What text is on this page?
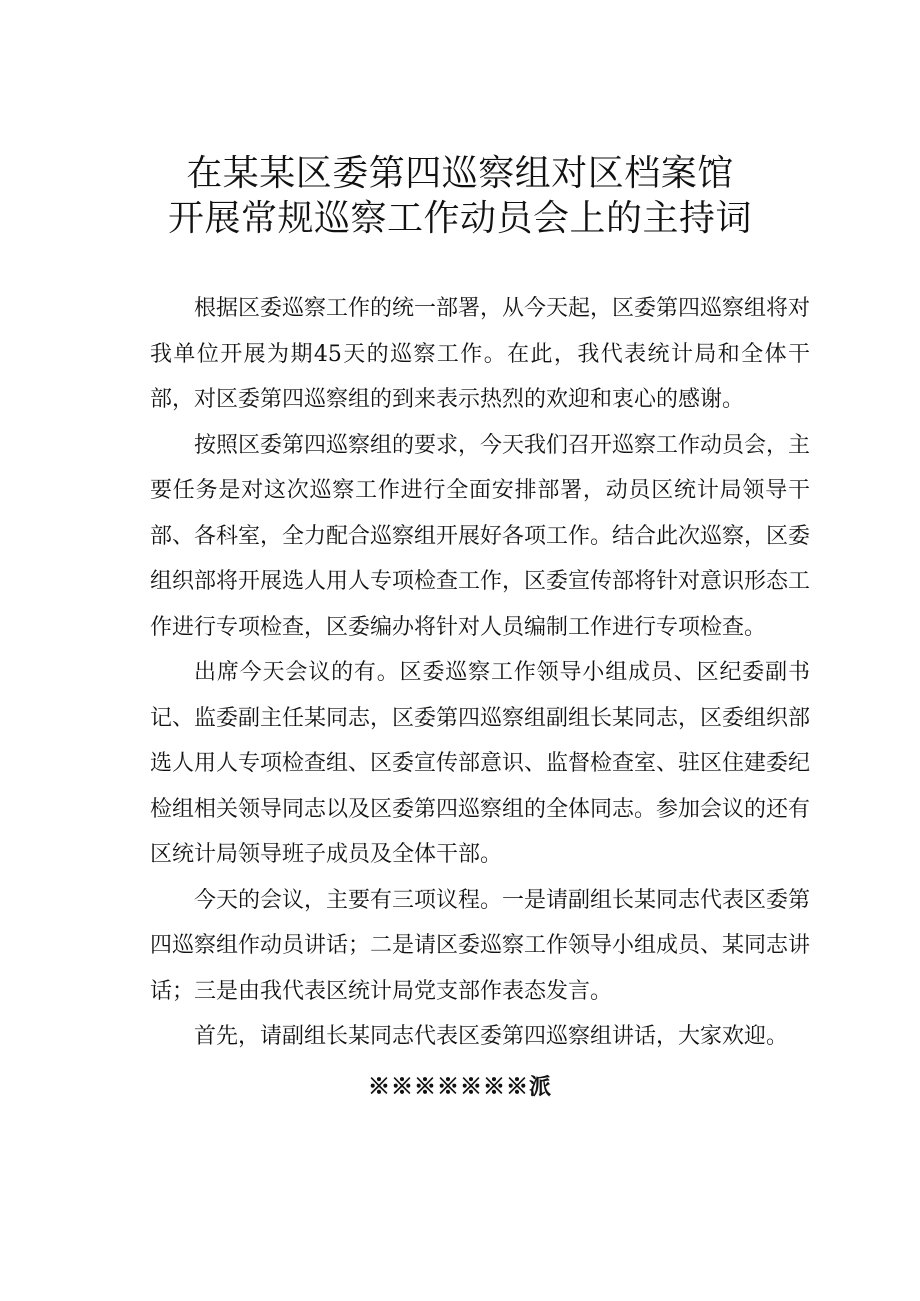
在某某区委第四巡察组对区档案馆
开展常规巡察工作动员会上的主持词

根据区委巡察工作的统一部署，从今天起，区委第四巡察组将对我单位开展为期45天的巡察工作。在此，我代表统计局和全体干部，对区委第四巡察组的到来表示热烈的欢迎和衷心的感谢。

按照区委第四巡察组的要求，今天我们召开巡察工作动员会，主要任务是对这次巡察工作进行全面安排部署，动员区统计局领导干部、各科室，全力配合巡察组开展好各项工作。结合此次巡察，区委组织部将开展选人用人专项检查工作，区委宣传部将针对意识形态工作进行专项检查，区委编办将针对人员编制工作进行专项检查。

出席今天会议的有。区委巡察工作领导小组成员、区纪委副书记、监委副主任某同志，区委第四巡察组副组长某同志，区委组织部选人用人专项检查组、区委宣传部意识、监督检查室、驻区住建委纪检组相关领导同志以及区委第四巡察组的全体同志。参加会议的还有区统计局领导班子成员及全体干部。

今天的会议，主要有三项议程。一是请副组长某同志代表区委第四巡察组作动员讲话；二是请区委巡察工作领导小组成员、某同志讲话；三是由我代表区统计局党支部作表态发言。

首先，请副组长某同志代表区委第四巡察组讲话，大家欢迎。

※※※※※※※派
